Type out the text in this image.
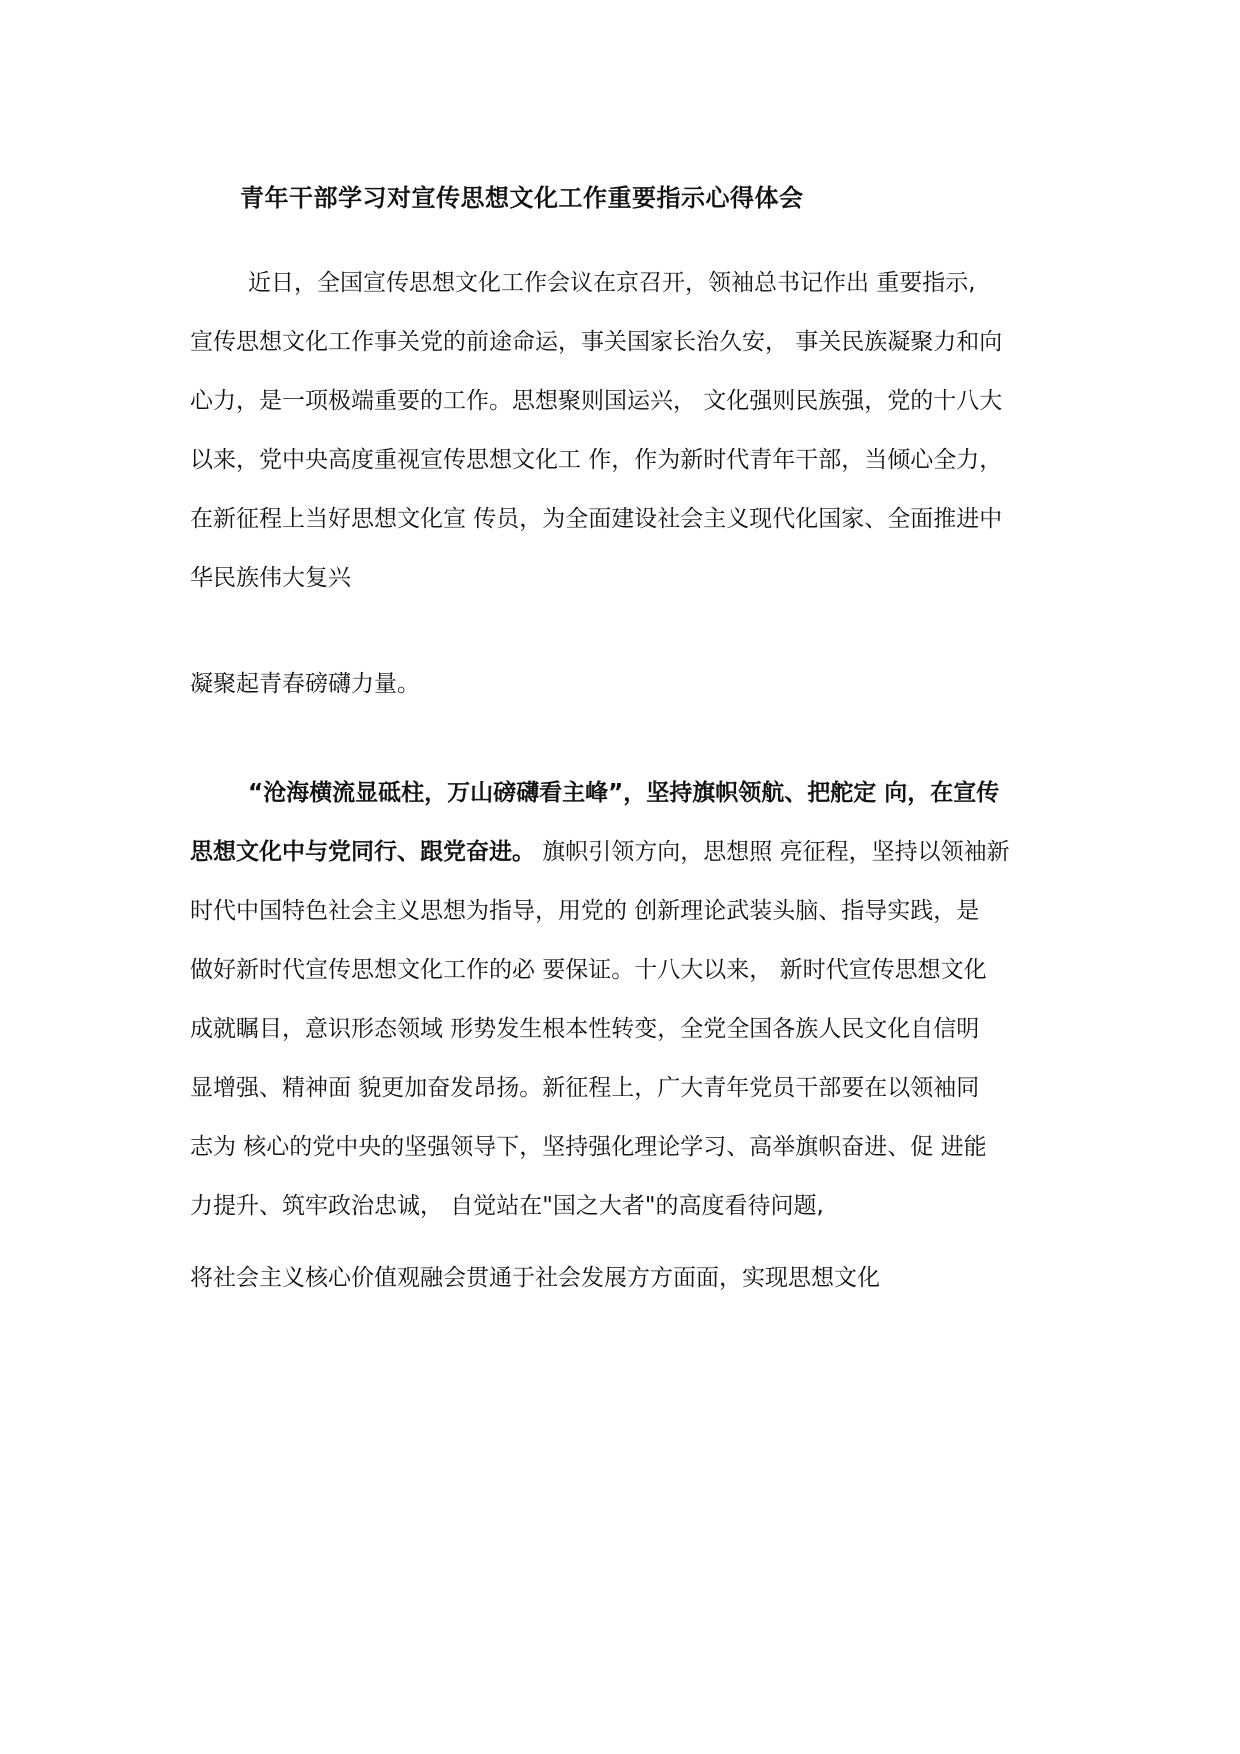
青年干部学习对宣传思想文化工作重要指示心得体会
近日，全国宣传思想文化工作会议在京召开，领袖总书记作出 重要指示,
宣传思想文化工作事关党的前途命运，事关国家长治久安， 事关民族凝聚力和向
心力，是一项极端重要的工作。思想聚则国运兴， 文化强则民族强，党的十八大
以来，党中央高度重视宣传思想文化工 作，作为新时代青年干部，当倾心全力，
在新征程上当好思想文化宣 传员，为全面建设社会主义现代化国家、全面推进中
华民族伟大复兴
凝聚起青春磅礴力量。
“沧海横流显砥柱，万山磅礴看主峰”，坚持旗帜领航、把舵定 向，在宣传
思想文化中与党同行、跟党奋进。 旗帜引领方向，思想照 亮征程，坚持以领袖新
时代中国特色社会主义思想为指导，用党的 创新理论武装头脑、指导实践，是
做好新时代宣传思想文化工作的必 要保证。十八大以来， 新时代宣传思想文化
成就瞩目，意识形态领域 形势发生根本性转变，全党全国各族人民文化自信明
显增强、精神面 貌更加奋发昂扬。新征程上，广大青年党员干部要在以领袖同
志为 核心的党中央的坚强领导下，坚持强化理论学习、高举旗帜奋进、促 进能
力提升、筑牢政治忠诚， 自觉站在"国之大者"的高度看待问题,
将社会主义核心价值观融会贯通于社会发展方方面面，实现思想文化
